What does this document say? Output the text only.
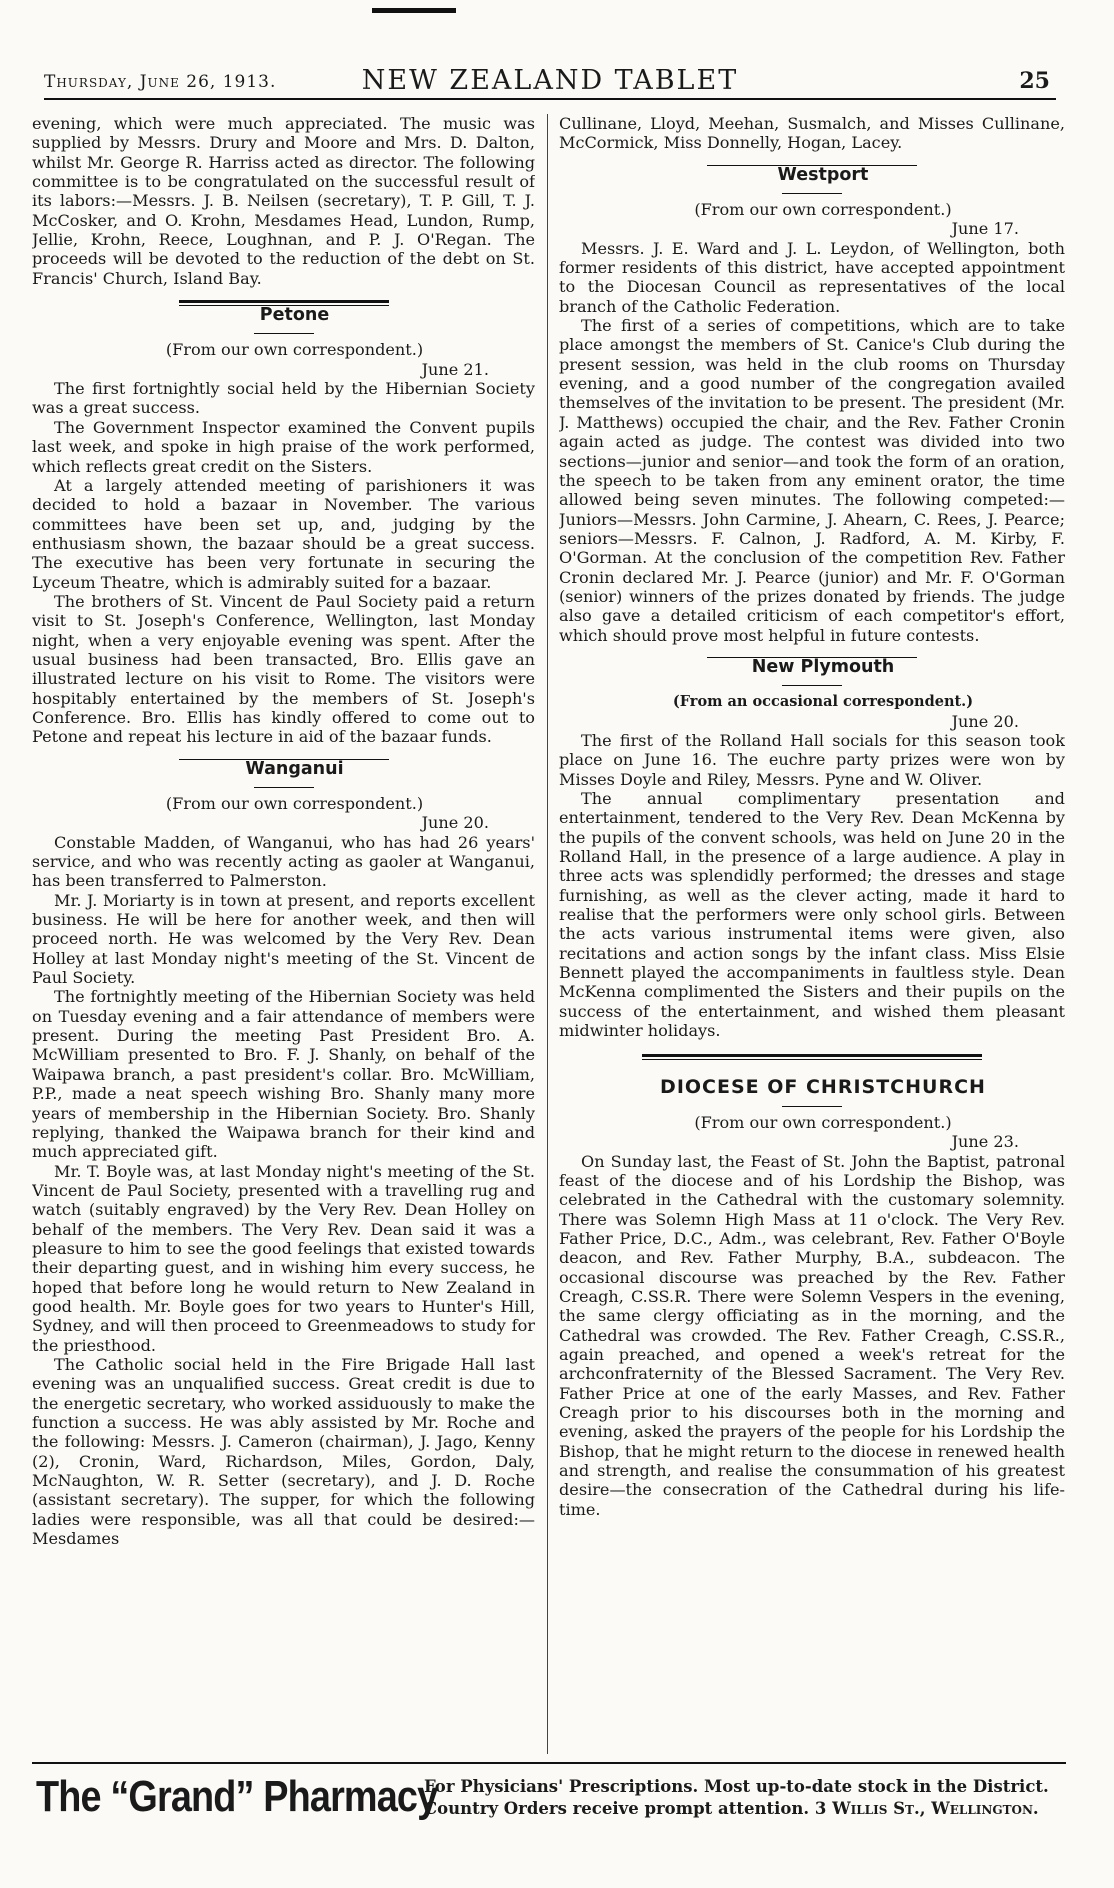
Thursday, June 26, 1913.	NEW ZEALAND TABLET	25

evening, which were much appreciated. The music was supplied by Messrs. Drury and Moore and Mrs. D. Dalton, whilst Mr. George R. Harriss acted as director. The following committee is to be congratulated on the successful result of its labors:—Messrs. J. B. Neilsen (secretary), T. P. Gill, T. J. McCosker, and O. Krohn, Mesdames Head, Lundon, Rump, Jellie, Krohn, Reece, Loughnan, and P. J. O'Regan. The proceeds will be devoted to the reduction of the debt on St. Francis' Church, Island Bay.

Petone

(From our own correspondent.)

June 21.

The first fortnightly social held by the Hibernian Society was a great success.

The Government Inspector examined the Convent pupils last week, and spoke in high praise of the work performed, which reflects great credit on the Sisters.

At a largely attended meeting of parishioners it was decided to hold a bazaar in November. The various committees have been set up, and, judging by the enthusiasm shown, the bazaar should be a great success. The executive has been very fortunate in securing the Lyceum Theatre, which is admirably suited for a bazaar.

The brothers of St. Vincent de Paul Society paid a return visit to St. Joseph's Conference, Wellington, last Monday night, when a very enjoyable evening was spent. After the usual business had been transacted, Bro. Ellis gave an illustrated lecture on his visit to Rome. The visitors were hospitably entertained by the members of St. Joseph's Conference. Bro. Ellis has kindly offered to come out to Petone and repeat his lecture in aid of the bazaar funds.

Wanganui

(From our own correspondent.)

June 20.

Constable Madden, of Wanganui, who has had 26 years' service, and who was recently acting as gaoler at Wanganui, has been transferred to Palmerston.

Mr. J. Moriarty is in town at present, and reports excellent business. He will be here for another week, and then will proceed north. He was welcomed by the Very Rev. Dean Holley at last Monday night's meeting of the St. Vincent de Paul Society.

The fortnightly meeting of the Hibernian Society was held on Tuesday evening and a fair attendance of members were present. During the meeting Past President Bro. A. McWilliam presented to Bro. F. J. Shanly, on behalf of the Waipawa branch, a past president's collar. Bro. McWilliam, P.P., made a neat speech wishing Bro. Shanly many more years of membership in the Hibernian Society. Bro. Shanly replying, thanked the Waipawa branch for their kind and much appreciated gift.

Mr. T. Boyle was, at last Monday night's meeting of the St. Vincent de Paul Society, presented with a travelling rug and watch (suitably engraved) by the Very Rev. Dean Holley on behalf of the members. The Very Rev. Dean said it was a pleasure to him to see the good feelings that existed towards their departing guest, and in wishing him every success, he hoped that before long he would return to New Zealand in good health. Mr. Boyle goes for two years to Hunter's Hill, Sydney, and will then proceed to Greenmeadows to study for the priesthood.

The Catholic social held in the Fire Brigade Hall last evening was an unqualified success. Great credit is due to the energetic secretary, who worked assiduously to make the function a success. He was ably assisted by Mr. Roche and the following: Messrs. J. Cameron (chairman), J. Jago, Kenny (2), Cronin, Ward, Richardson, Miles, Gordon, Daly, McNaughton, W. R. Setter (secretary), and J. D. Roche (assistant secretary). The supper, for which the following ladies were responsible, was all that could be desired:—Mesdames

Cullinane, Lloyd, Meehan, Susmalch, and Misses Cullinane, McCormick, Miss Donnelly, Hogan, Lacey.

Westport

(From our own correspondent.)

June 17.

Messrs. J. E. Ward and J. L. Leydon, of Wellington, both former residents of this district, have accepted appointment to the Diocesan Council as representatives of the local branch of the Catholic Federation.

The first of a series of competitions, which are to take place amongst the members of St. Canice's Club during the present session, was held in the club rooms on Thursday evening, and a good number of the congregation availed themselves of the invitation to be present. The president (Mr. J. Matthews) occupied the chair, and the Rev. Father Cronin again acted as judge. The contest was divided into two sections—junior and senior—and took the form of an oration, the speech to be taken from any eminent orator, the time allowed being seven minutes. The following competed:—Juniors—Messrs. John Carmine, J. Ahearn, C. Rees, J. Pearce; seniors—Messrs. F. Calnon, J. Radford, A. M. Kirby, F. O'Gorman. At the conclusion of the competition Rev. Father Cronin declared Mr. J. Pearce (junior) and Mr. F. O'Gorman (senior) winners of the prizes donated by friends. The judge also gave a detailed criticism of each competitor's effort, which should prove most helpful in future contests.

New Plymouth

(From an occasional correspondent.)

June 20.

The first of the Rolland Hall socials for this season took place on June 16. The euchre party prizes were won by Misses Doyle and Riley, Messrs. Pyne and W. Oliver.

The annual complimentary presentation and entertainment, tendered to the Very Rev. Dean McKenna by the pupils of the convent schools, was held on June 20 in the Rolland Hall, in the presence of a large audience. A play in three acts was splendidly performed; the dresses and stage furnishing, as well as the clever acting, made it hard to realise that the performers were only school girls. Between the acts various instrumental items were given, also recitations and action songs by the infant class. Miss Elsie Bennett played the accompaniments in faultless style. Dean McKenna complimented the Sisters and their pupils on the success of the entertainment, and wished them pleasant midwinter holidays.

DIOCESE OF CHRISTCHURCH

(From our own correspondent.)

June 23.

On Sunday last, the Feast of St. John the Baptist, patronal feast of the diocese and of his Lordship the Bishop, was celebrated in the Cathedral with the customary solemnity. There was Solemn High Mass at 11 o'clock. The Very Rev. Father Price, D.C., Adm., was celebrant, Rev. Father O'Boyle deacon, and Rev. Father Murphy, B.A., subdeacon. The occasional discourse was preached by the Rev. Father Creagh, C.SS.R. There were Solemn Vespers in the evening, the same clergy officiating as in the morning, and the Cathedral was crowded. The Rev. Father Creagh, C.SS.R., again preached, and opened a week's retreat for the archconfraternity of the Blessed Sacrament. The Very Rev. Father Price at one of the early Masses, and Rev. Father Creagh prior to his discourses both in the morning and evening, asked the prayers of the people for his Lordship the Bishop, that he might return to the diocese in renewed health and strength, and realise the consummation of his greatest desire—the consecration of the Cathedral during his life-time.

The “Grand” Pharmacy
For Physicians' Prescriptions. Most up-to-date stock in the District.
Country Orders receive prompt attention. 3 Willis St., Wellington.
